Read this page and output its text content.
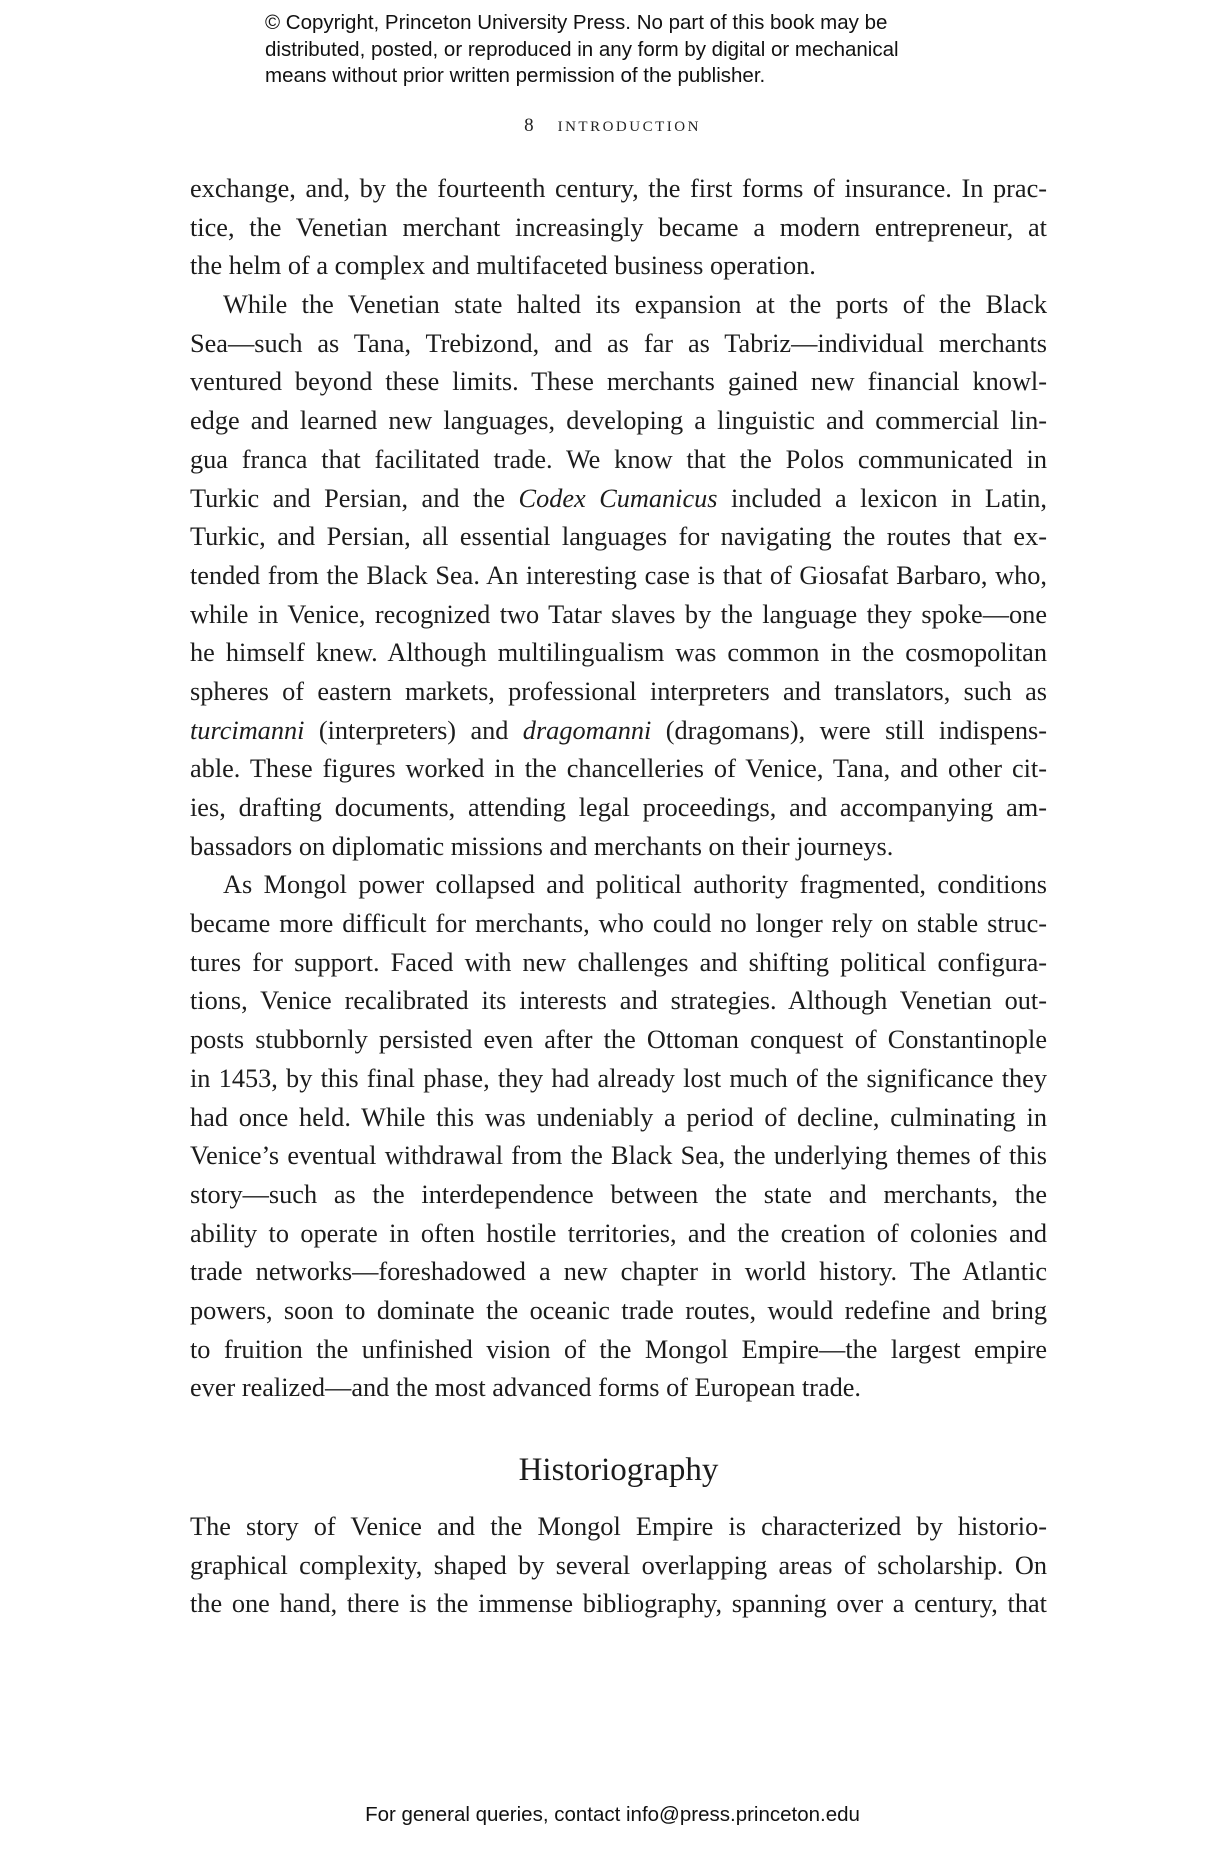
© Copyright, Princeton University Press. No part of this book may be
distributed, posted, or reproduced in any form by digital or mechanical
means without prior written permission of the publisher.
8 introduction
exchange, and, by the fourteenth century, the first forms of insurance. In prac-
tice, the Venetian merchant increasingly became a modern entrepreneur, at
the helm of a complex and multifaceted business operation.
While the Venetian state halted its expansion at the ports of the Black
Sea—such as Tana, Trebizond, and as far as Tabriz—individual merchants
ventured beyond these limits. These merchants gained new financial knowl-
edge and learned new languages, developing a linguistic and commercial lin-
gua franca that facilitated trade. We know that the Polos communicated in
Turkic and Persian, and the Codex Cumanicus included a lexicon in Latin,
Turkic, and Persian, all essential languages for navigating the routes that ex-
tended from the Black Sea. An interesting case is that of Giosafat Barbaro, who,
while in Venice, recognized two Tatar slaves by the language they spoke—one
he himself knew. Although multilingualism was common in the cosmopolitan
spheres of eastern markets, professional interpreters and translators, such as
turcimanni (interpreters) and dragomanni (dragomans), were still indispens-
able. These figures worked in the chancelleries of Venice, Tana, and other cit-
ies, drafting documents, attending legal proceedings, and accompanying am-
bassadors on diplomatic missions and merchants on their journeys.
As Mongol power collapsed and political authority fragmented, conditions
became more difficult for merchants, who could no longer rely on stable struc-
tures for support. Faced with new challenges and shifting political configura-
tions, Venice recalibrated its interests and strategies. Although Venetian out-
posts stubbornly persisted even after the Ottoman conquest of Constantinople
in 1453, by this final phase, they had already lost much of the significance they
had once held. While this was undeniably a period of decline, culminating in
Venice’s eventual withdrawal from the Black Sea, the underlying themes of this
story—such as the interdependence between the state and merchants, the
ability to operate in often hostile territories, and the creation of colonies and
trade networks—foreshadowed a new chapter in world history. The Atlantic
powers, soon to dominate the oceanic trade routes, would redefine and bring
to fruition the unfinished vision of the Mongol Empire—the largest empire
ever realized—and the most advanced forms of European trade.
Historiography
The story of Venice and the Mongol Empire is characterized by historio-
graphical complexity, shaped by several overlapping areas of scholarship. On
the one hand, there is the immense bibliography, spanning over a century, that
For general queries, contact info@press.princeton.edu
